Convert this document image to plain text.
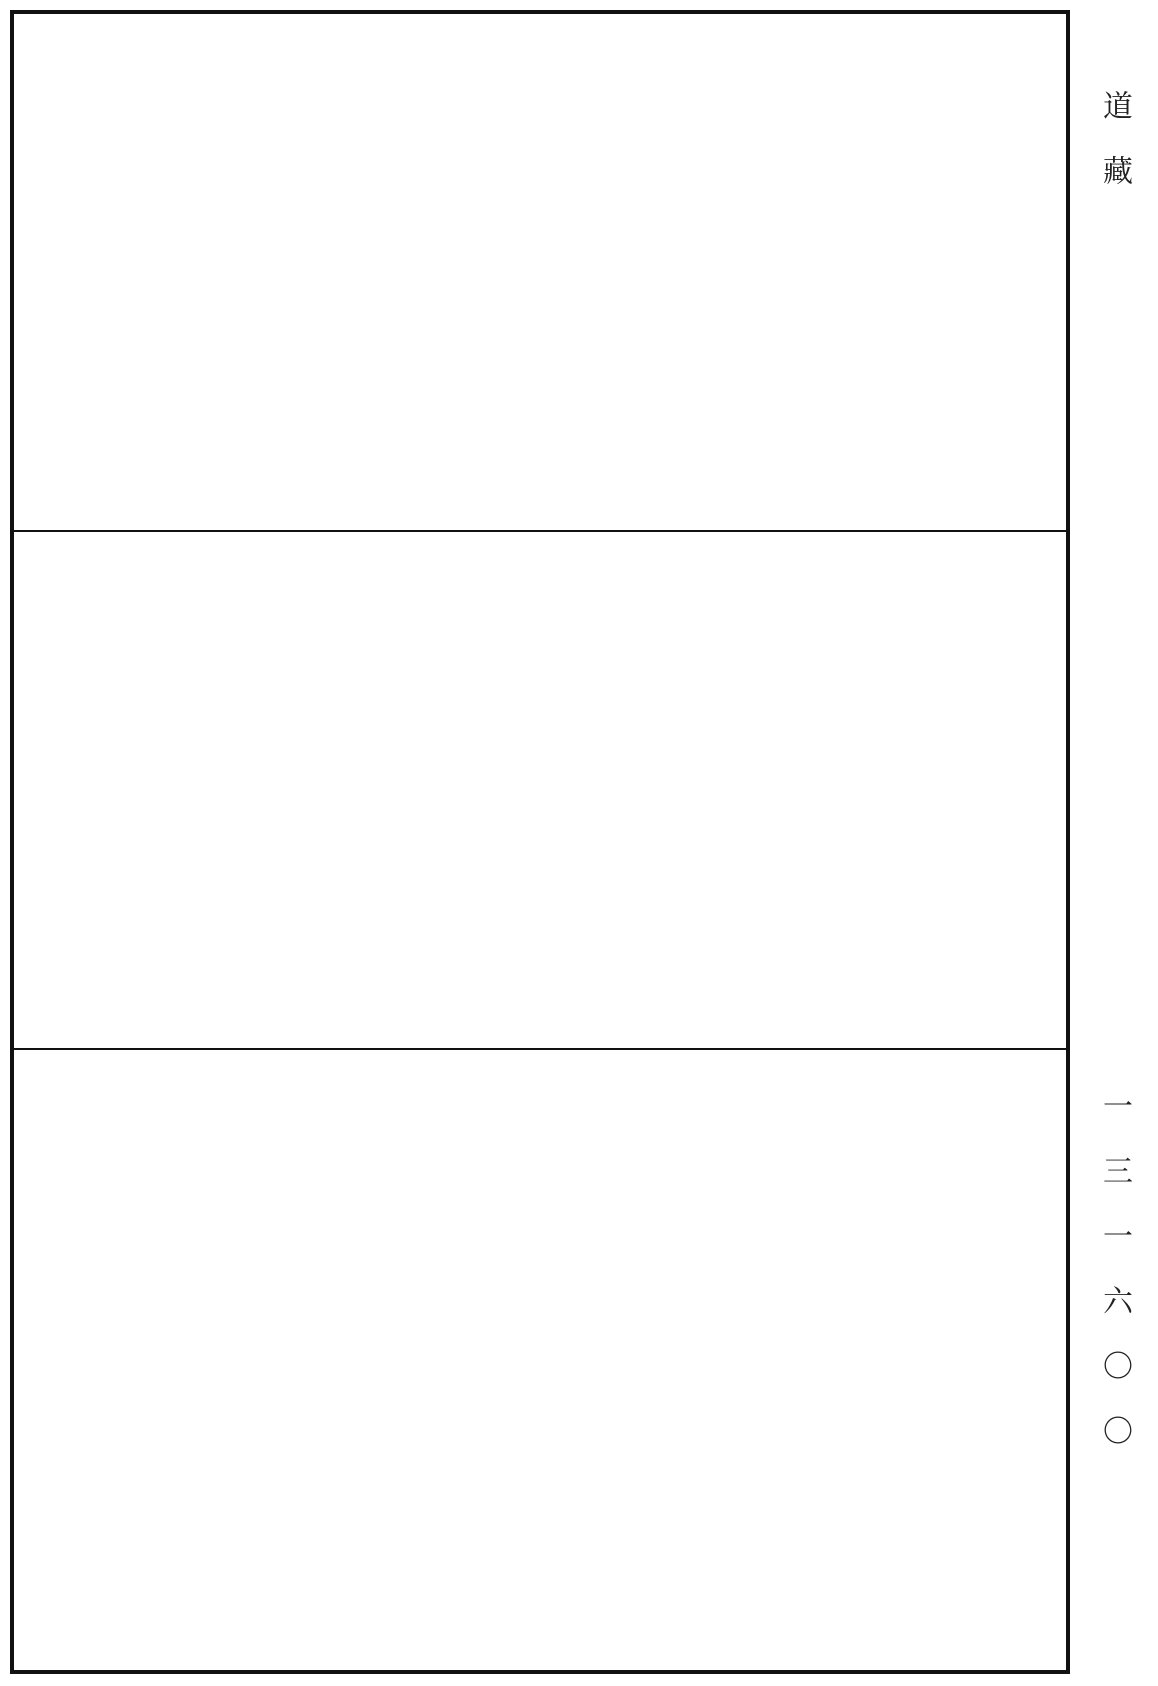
道 藏
一 三 一 六 〇 〇
